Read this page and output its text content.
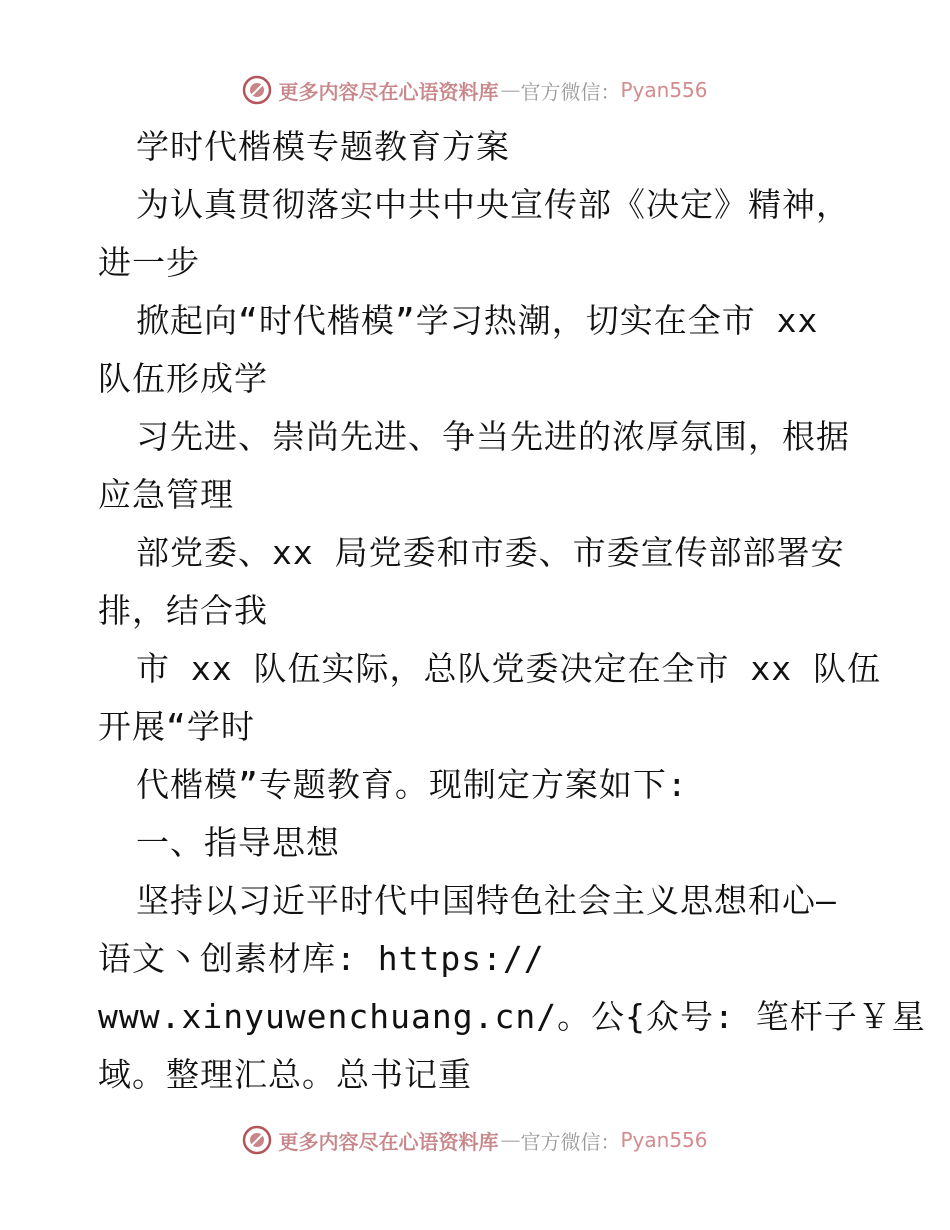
更多内容尽在心语资料库 — 官方微信： Pyan556
学时代楷模专题教育方案
为认真贯彻落实中共中央宣传部《决定》精神，
进一步
掀起向“时代楷模”学习热潮，切实在全市 xx
队伍形成学
习先进、崇尚先进、争当先进的浓厚氛围，根据
应急管理
部党委、xx 局党委和市委、市委宣传部部署安
排，结合我
市 xx 队伍实际，总队党委决定在全市 xx 队伍
开展“学时
代楷模”专题教育。现制定方案如下:
一、指导思想
坚持以习近平时代中国特色社会主义思想和心—
语文丶创素材库: https://
www.xinyuwenchuang.cn/。公{众号: 笔杆子￥星
域。整理汇总。总书记重
更多内容尽在心语资料库 — 官方微信： Pyan556
